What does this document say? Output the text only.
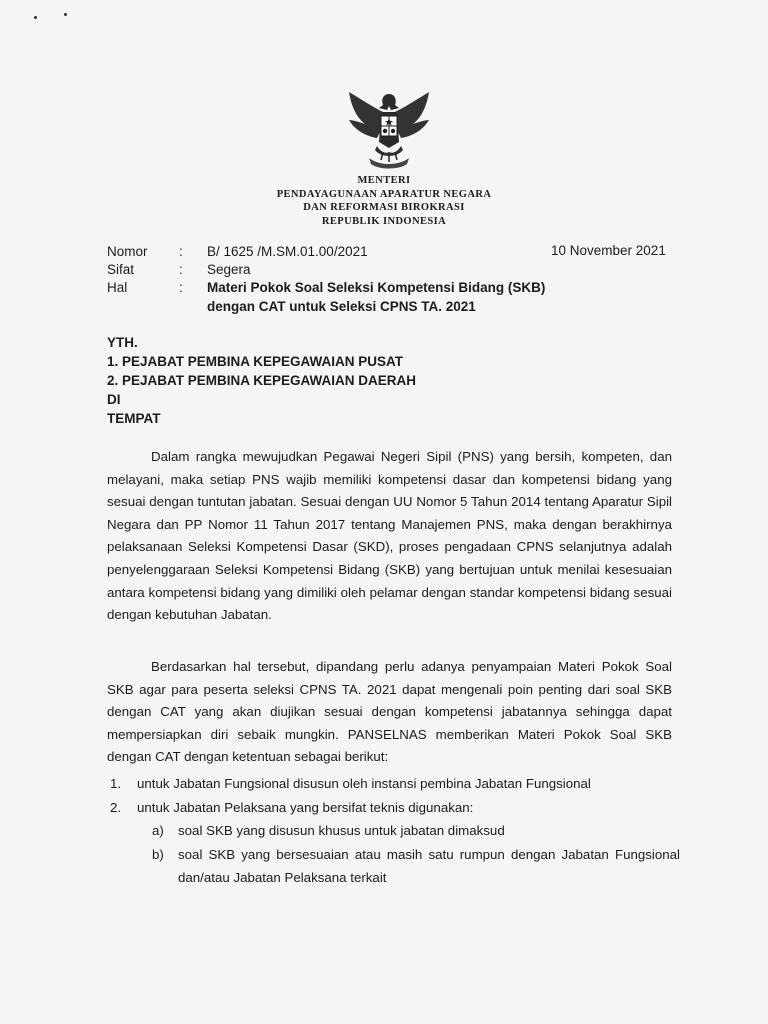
MENTERI
PENDAYAGUNAAN APARATUR NEGARA
DAN REFORMASI BIROKRASI
REPUBLIK INDONESIA
Nomor	: B/ 1625 /M.SM.01.00/2021
Sifat	: Segera
Hal	: Materi Pokok Soal Seleksi Kompetensi Bidang (SKB)
dengan CAT untuk Seleksi CPNS TA. 2021
10 November 2021
YTH.
1. PEJABAT PEMBINA KEPEGAWAIAN PUSAT
2. PEJABAT PEMBINA KEPEGAWAIAN DAERAH
DI
TEMPAT

Dalam rangka mewujudkan Pegawai Negeri Sipil (PNS) yang bersih, kompeten, dan melayani, maka setiap PNS wajib memiliki kompetensi dasar dan kompetensi bidang yang sesuai dengan tuntutan jabatan. Sesuai dengan UU Nomor 5 Tahun 2014 tentang Aparatur Sipil Negara dan PP Nomor 11 Tahun 2017 tentang Manajemen PNS, maka dengan berakhirnya pelaksanaan Seleksi Kompetensi Dasar (SKD), proses pengadaan CPNS selanjutnya adalah penyelenggaraan Seleksi Kompetensi Bidang (SKB) yang bertujuan untuk menilai kesesuaian antara kompetensi bidang yang dimiliki oleh pelamar dengan standar kompetensi bidang sesuai dengan kebutuhan Jabatan.

Berdasarkan hal tersebut, dipandang perlu adanya penyampaian Materi Pokok Soal SKB agar para peserta seleksi CPNS TA. 2021 dapat mengenali poin penting dari soal SKB dengan CAT yang akan diujikan sesuai dengan kompetensi jabatannya sehingga dapat mempersiapkan diri sebaik mungkin. PANSELNAS memberikan Materi Pokok Soal SKB dengan CAT dengan ketentuan sebagai berikut:

1. untuk Jabatan Fungsional disusun oleh instansi pembina Jabatan Fungsional
2. untuk Jabatan Pelaksana yang bersifat teknis digunakan:
a) soal SKB yang disusun khusus untuk jabatan dimaksud
b) soal SKB yang bersesuaian atau masih satu rumpun dengan Jabatan Fungsional dan/atau Jabatan Pelaksana terkait
